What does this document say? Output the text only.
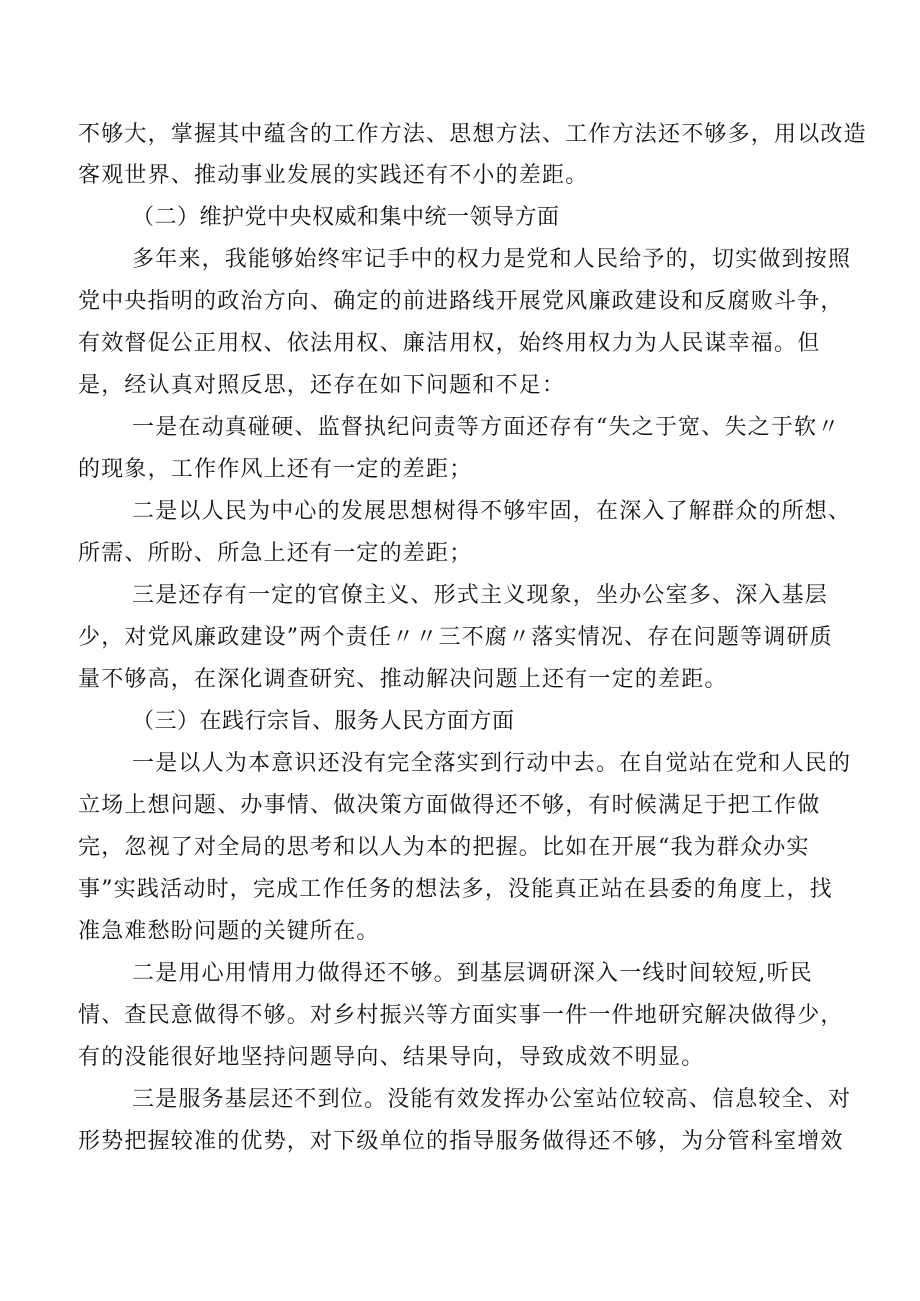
不够大，掌握其中蕴含的工作方法、思想方法、工作方法还不够多，用以改造
客观世界、推动事业发展的实践还有不小的差距。
（二）维护党中央权威和集中统一领导方面
多年来，我能够始终牢记手中的权力是党和人民给予的，切实做到按照
党中央指明的政治方向、确定的前进路线开展党风廉政建设和反腐败斗争，
有效督促公正用权、依法用权、廉洁用权，始终用权力为人民谋幸福。但
是，经认真对照反思，还存在如下问题和不足：
一是在动真碰硬、监督执纪问责等方面还存有“失之于宽、失之于软〃
的现象，工作作风上还有一定的差距；
二是以人民为中心的发展思想树得不够牢固，在深入了解群众的所想、
所需、所盼、所急上还有一定的差距；
三是还存有一定的官僚主义、形式主义现象，坐办公室多、深入基层
少，对党风廉政建设”两个责任〃〃三不腐〃落实情况、存在问题等调研质
量不够高，在深化调查研究、推动解决问题上还有一定的差距。
（三）在践行宗旨、服务人民方面方面
一是以人为本意识还没有完全落实到行动中去。在自觉站在党和人民的
立场上想问题、办事情、做决策方面做得还不够，有时候满足于把工作做
完，忽视了对全局的思考和以人为本的把握。比如在开展“我为群众办实
事”实践活动时，完成工作任务的想法多，没能真正站在县委的角度上，找
准急难愁盼问题的关键所在。
二是用心用情用力做得还不够。到基层调研深入一线时间较短,听民
情、查民意做得不够。对乡村振兴等方面实事一件一件地研究解决做得少，
有的没能很好地坚持问题导向、结果导向，导致成效不明显。
三是服务基层还不到位。没能有效发挥办公室站位较高、信息较全、对
形势把握较准的优势，对下级单位的指导服务做得还不够，为分管科室增效
